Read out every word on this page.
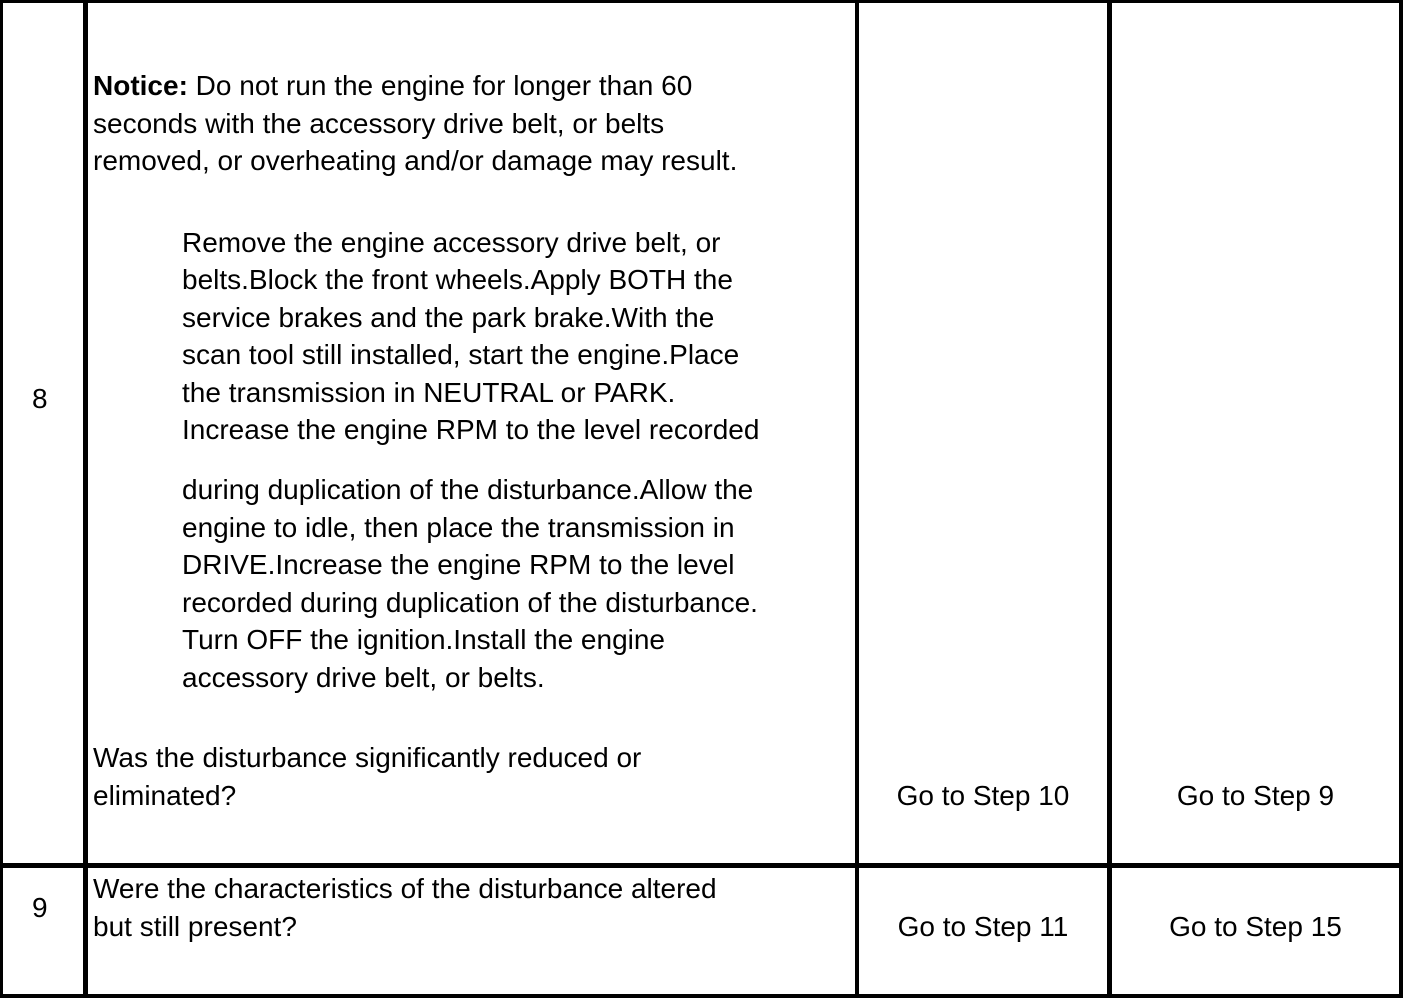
8

Notice: Do not run the engine for longer than 60

seconds with the accessory drive belt, or belts

removed, or overheating and/or damage may result.

Remove the engine accessory drive belt, or

belts.Block the front wheels.Apply BOTH the

service brakes and the park brake.With the

scan tool still installed, start the engine.Place

the transmission in NEUTRAL or PARK.

Increase the engine RPM to the level recorded

during duplication of the disturbance.Allow the

engine to idle, then place the transmission in

DRIVE.Increase the engine RPM to the level

recorded during duplication of the disturbance.

Turn OFF the ignition.Install the engine

accessory drive belt, or belts.

Was the disturbance significantly reduced or

eliminated?	Go to Step 10	Go to Step 9
9

Were the characteristics of the disturbance altered

but still present?	Go to Step 11	Go to Step 15
